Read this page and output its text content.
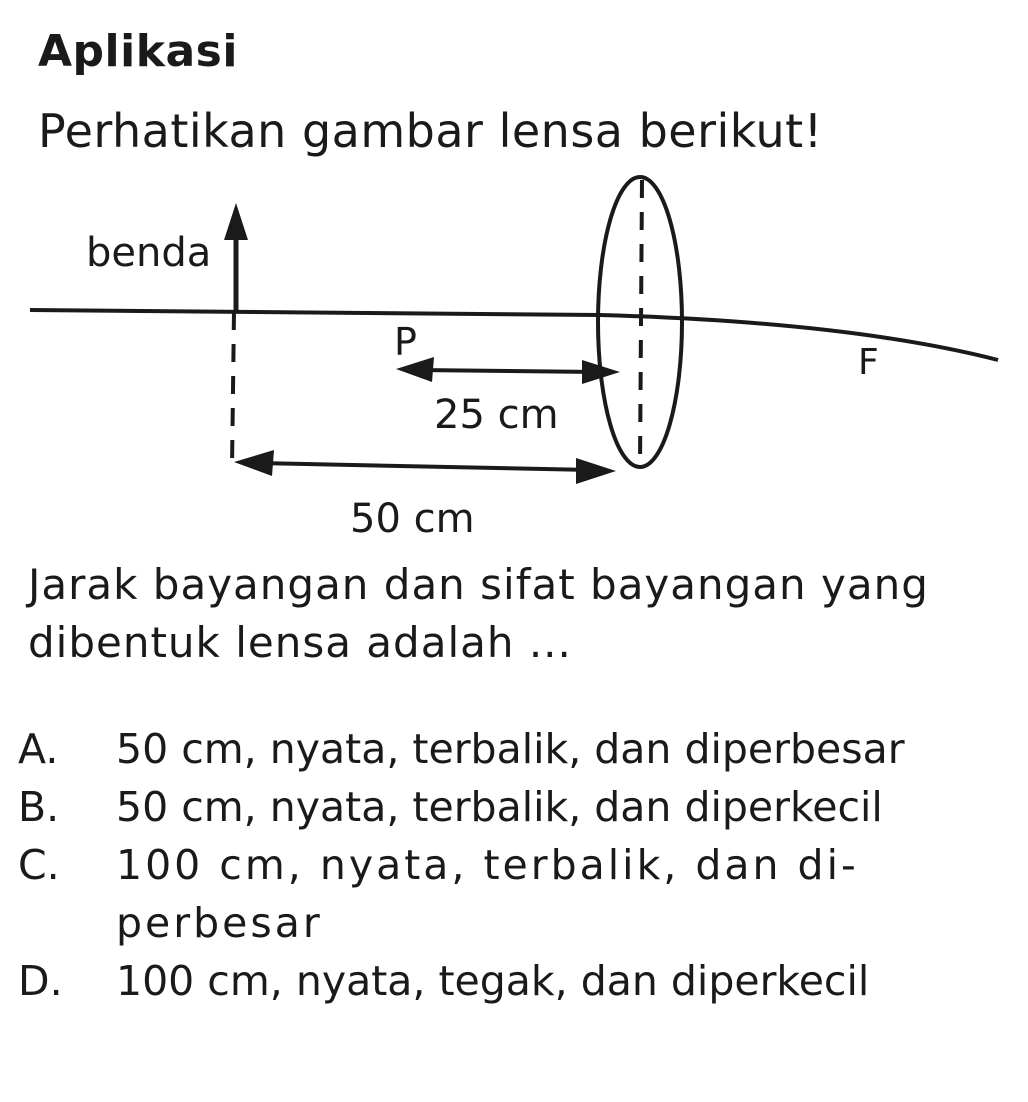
Aplikasi
Perhatikan gambar lensa berikut!
benda
P	F
25 cm
50 cm
Jarak bayangan dan sifat bayangan yang dibentuk lensa adalah ...
A.	50 cm, nyata, terbalik, dan diperbesar
B.	50 cm, nyata, terbalik, dan diperkecil
C.	100 cm, nyata, terbalik, dan di-perbesar
D.	100 cm, nyata, tegak, dan diperkecil
